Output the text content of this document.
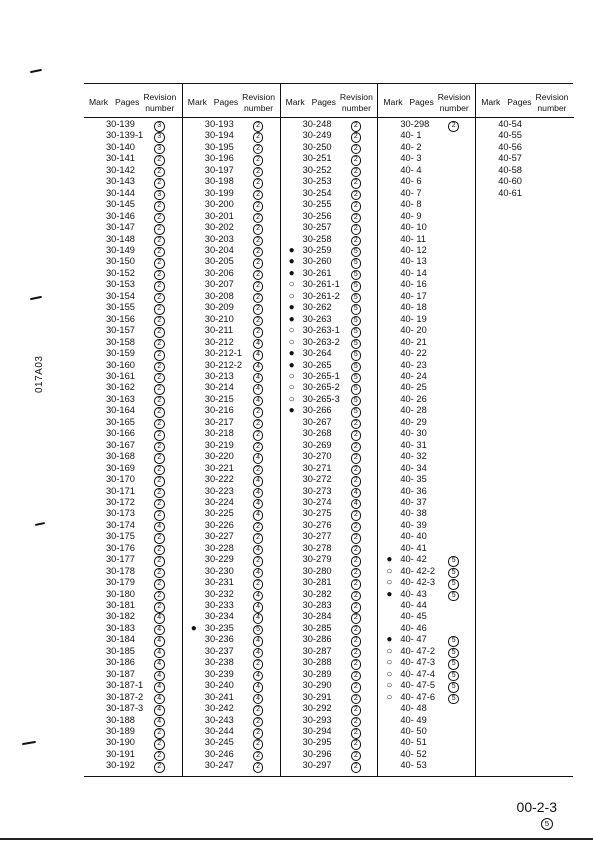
017A03
Mark Pages Revision number
30-139	3
30-139-1	3
30-140	3
30-141	2
30-142	2
30-143	2
30-144	3
30-145	2
30-146	2
30-147	2
30-148	2
30-149	2
30-150	2
30-152	2
30-153	2
30-154	2
30-155	2
30-156	2
30-157	2
30-158	2
30-159	2
30-160	2
30-161	2
30-162	2
30-163	2
30-164	2
30-165	2
30-166	2
30-167	2
30-168	2
30-169	2
30-170	2
30-171	2
30-172	2
30-173	2
30-174	4
30-175	2
30-176	2
30-177	2
30-178	2
30-179	2
30-180	2
30-181	2
30-182	4
30-183	4
30-184	4
30-185	4
30-186	4
30-187	4
30-187-1	4
30-187-2	4
30-187-3	4
30-188	4
30-189	2
30-190	2
30-191	2
30-192	2
Mark Pages Revision number
30-193	2
30-194	2
30-195	2
30-196	2
30-197	2
30-198	2
30-199	2
30-200	2
30-201	2
30-202	2
30-203	2
30-204	2
30-205	2
30-206	2
30-207	2
30-208	2
30-209	2
30-210	2
30-211	2
30-212	4
30-212-1	4
30-212-2	4
30-213	4
30-214	4
30-215	4
30-216	2
30-217	2
30-218	2
30-219	2
30-220	4
30-221	2
30-222	4
30-223	4
30-224	4
30-225	4
30-226	2
30-227	2
30-228	4
30-229	2
30-230	4
30-231	2
30-232	4
30-233	4
30-234	4
● 30-235	5
30-236	4
30-237	4
30-238	2
30-239	4
30-240	4
30-241	4
30-242	2
30-243	2
30-244	2
30-245	2
30-246	2
30-247	2
Mark Pages Revision number
30-248	2
30-249	2
30-250	2
30-251	2
30-252	2
30-253	2
30-254	2
30-255	2
30-256	2
30-257	2
30-258	2
● 30-259	5
● 30-260	5
● 30-261	5
○ 30-261-1	5
○ 30-261-2	5
● 30-262	5
● 30-263	5
○ 30-263-1	5
○ 30-263-2	5
● 30-264	5
● 30-265	5
○ 30-265-1	5
○ 30-265-2	5
○ 30-265-3	5
● 30-266	5
30-267	2
30-268	2
30-269	2
30-270	2
30-271	2
30-272	2
30-273	4
30-274	4
30-275	2
30-276	2
30-277	2
30-278	2
30-279	2
30-280	2
30-281	2
30-282	2
30-283	2
30-284	2
30-285	2
30-286	2
30-287	2
30-288	2
30-289	2
30-290	2
30-291	2
30-292	2
30-293	2
30-294	2
30-295	2
30-296	2
30-297	2
Mark Pages Revision number
30-298	2
40- 1
40- 2
40- 3
40- 4
40- 6
40- 7
40- 8
40- 9
40- 10
40- 11
40- 12
40- 13
40- 14
40- 16
40- 17
40- 18
40- 19
40- 20
40- 21
40- 22
40- 23
40- 24
40- 25
40- 26
40- 28
40- 29
40- 30
40- 31
40- 32
40- 34
40- 35
40- 36
40- 37
40- 38
40- 39
40- 40
40- 41
● 40- 42	5
○ 40- 42-2	5
○ 40- 42-3	5
● 40- 43	5
40- 44
40- 45
40- 46
● 40- 47	5
○ 40- 47-2	5
○ 40- 47-3	5
○ 40- 47-4	5
○ 40- 47-5	5
○ 40- 47-6	5
40- 48
40- 49
40- 50
40- 51
40- 52
40- 53
Mark Pages Revision number
40-54
40-55
40-56
40-57
40-58
40-60
40-61
00-2-3
5
